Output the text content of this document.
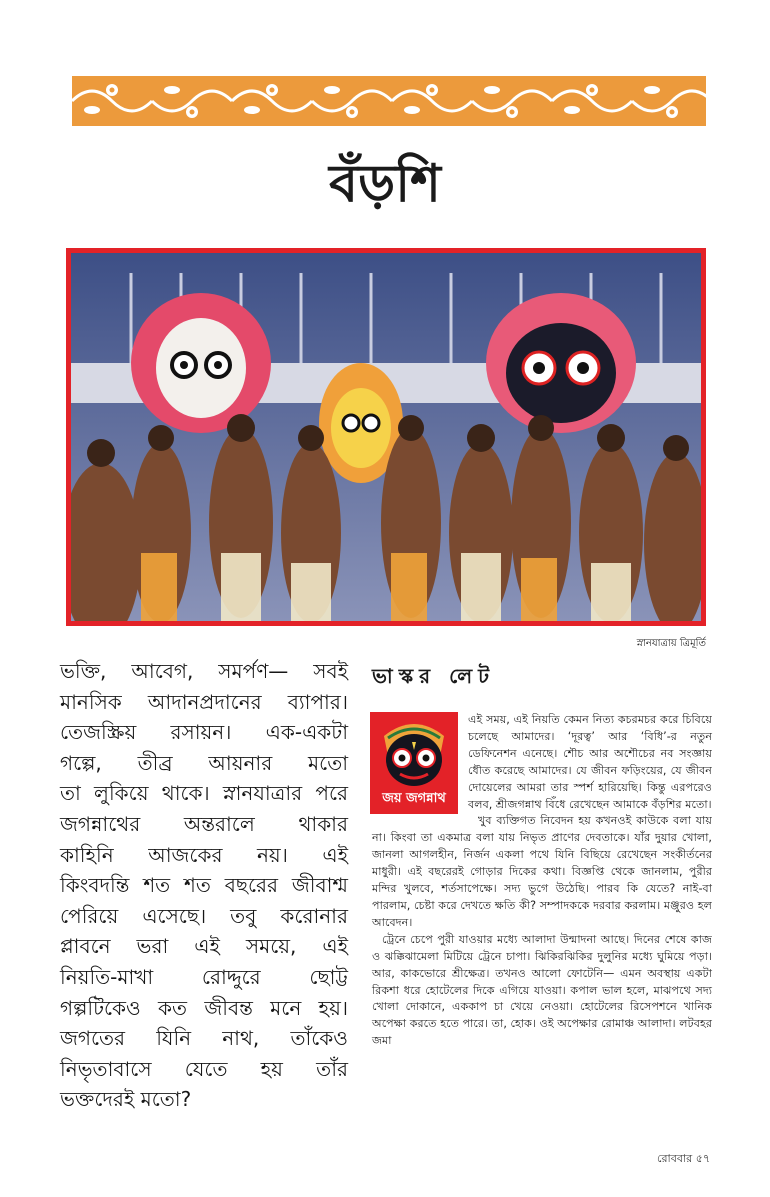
বঁড়শি
স্নানযাত্রায় ত্রিমূর্তি
ভক্তি, আবেগ, সমর্পণ— সবই
মানসিক আদানপ্রদানের ব্যাপার।
তেজস্ক্রিয় রসায়ন। এক-একটা
গল্পে, তীব্র আয়নার মতো
তা লুকিয়ে থাকে। স্নানযাত্রার পরে
জগন্নাথের অন্তরালে থাকার
কাহিনি আজকের নয়। এই
কিংবদন্তি শত শত বছরের জীবাশ্ম
পেরিয়ে এসেছে। তবু করোনার
প্লাবনে ভরা এই সময়ে, এই
নিয়তি-মাখা রোদ্দুরে ছোট্ট
গল্পটিকেও কত জীবন্ত মনে হয়।
জগতের যিনি নাথ, তাঁকেও
নিভৃতাবাসে যেতে হয় তাঁর
ভক্তদেরই মতো?
ভাস্কর লেট

এই সময়, এই নিয়তি কেমন নিত্য কচরমচর করে চিবিয়ে চলেছে আমাদের। ‘দূরত্ব’ আর ‘বিধি’-র নতুন ডেফিনেশন এনেছে। শৌচ আর অশৌচের নব সংজ্ঞায় ধৌত করেছে আমাদের। যে জীবন ফড়িংয়ের, যে জীবন দোয়েলের আমরা তার স্পর্শ হারিয়েছি। কিন্তু এরপরেও বলব, শ্রীজগন্নাথ বিঁধে রেখেছেন আমাকে বঁড়শির মতো।

খুব ব্যক্তিগত নিবেদন হয় কখনওই কাউকে বলা যায় না। কিংবা তা একমাত্র বলা যায় নিভৃত প্রাণের দেবতাকে। যাঁর দুয়ার খোলা, জানলা আগলহীন, নির্জন একলা পথে যিনি বিছিয়ে রেখেছেন সংকীর্তনের মাধুরী। এই বছরেরই গোড়ার দিকের কথা। বিজ্ঞপ্তি থেকে জানলাম, পুরীর মন্দির খুলবে, শর্তসাপেক্ষে। সদ্য ভুগে উঠেছি। পারব কি যেতে? নাই-বা পারলাম, চেষ্টা করে দেখতে ক্ষতি কী? সম্পাদককে দরবার করলাম। মঞ্জুরও হল আবেদন।

ট্রেনে চেপে পুরী যাওয়ার মধ্যে আলাদা উন্মাদনা আছে। দিনের শেষে কাজ ও ঝক্কিঝামেলা মিটিয়ে ট্রেনে চাপা। ঝিকিরঝিকির দুলুনির মধ্যে ঘুমিয়ে পড়া। আর, কাকভোরে শ্রীক্ষেত্র। তখনও আলো ফোটেনি— এমন অবস্থায় একটা রিকশা ধরে হোটেলের দিকে এগিয়ে যাওয়া। কপাল ভাল হলে, মাঝপথে সদ্য খোলা দোকানে, এককাপ চা খেয়ে নেওয়া। হোটেলের রিসেপশনে খানিক অপেক্ষা করতে হতে পারে। তা, হোক। ওই অপেক্ষার রোমাঞ্চ আলাদা। লটবহর জমা

জয় জগন্নাথ
রোববার ৫৭
